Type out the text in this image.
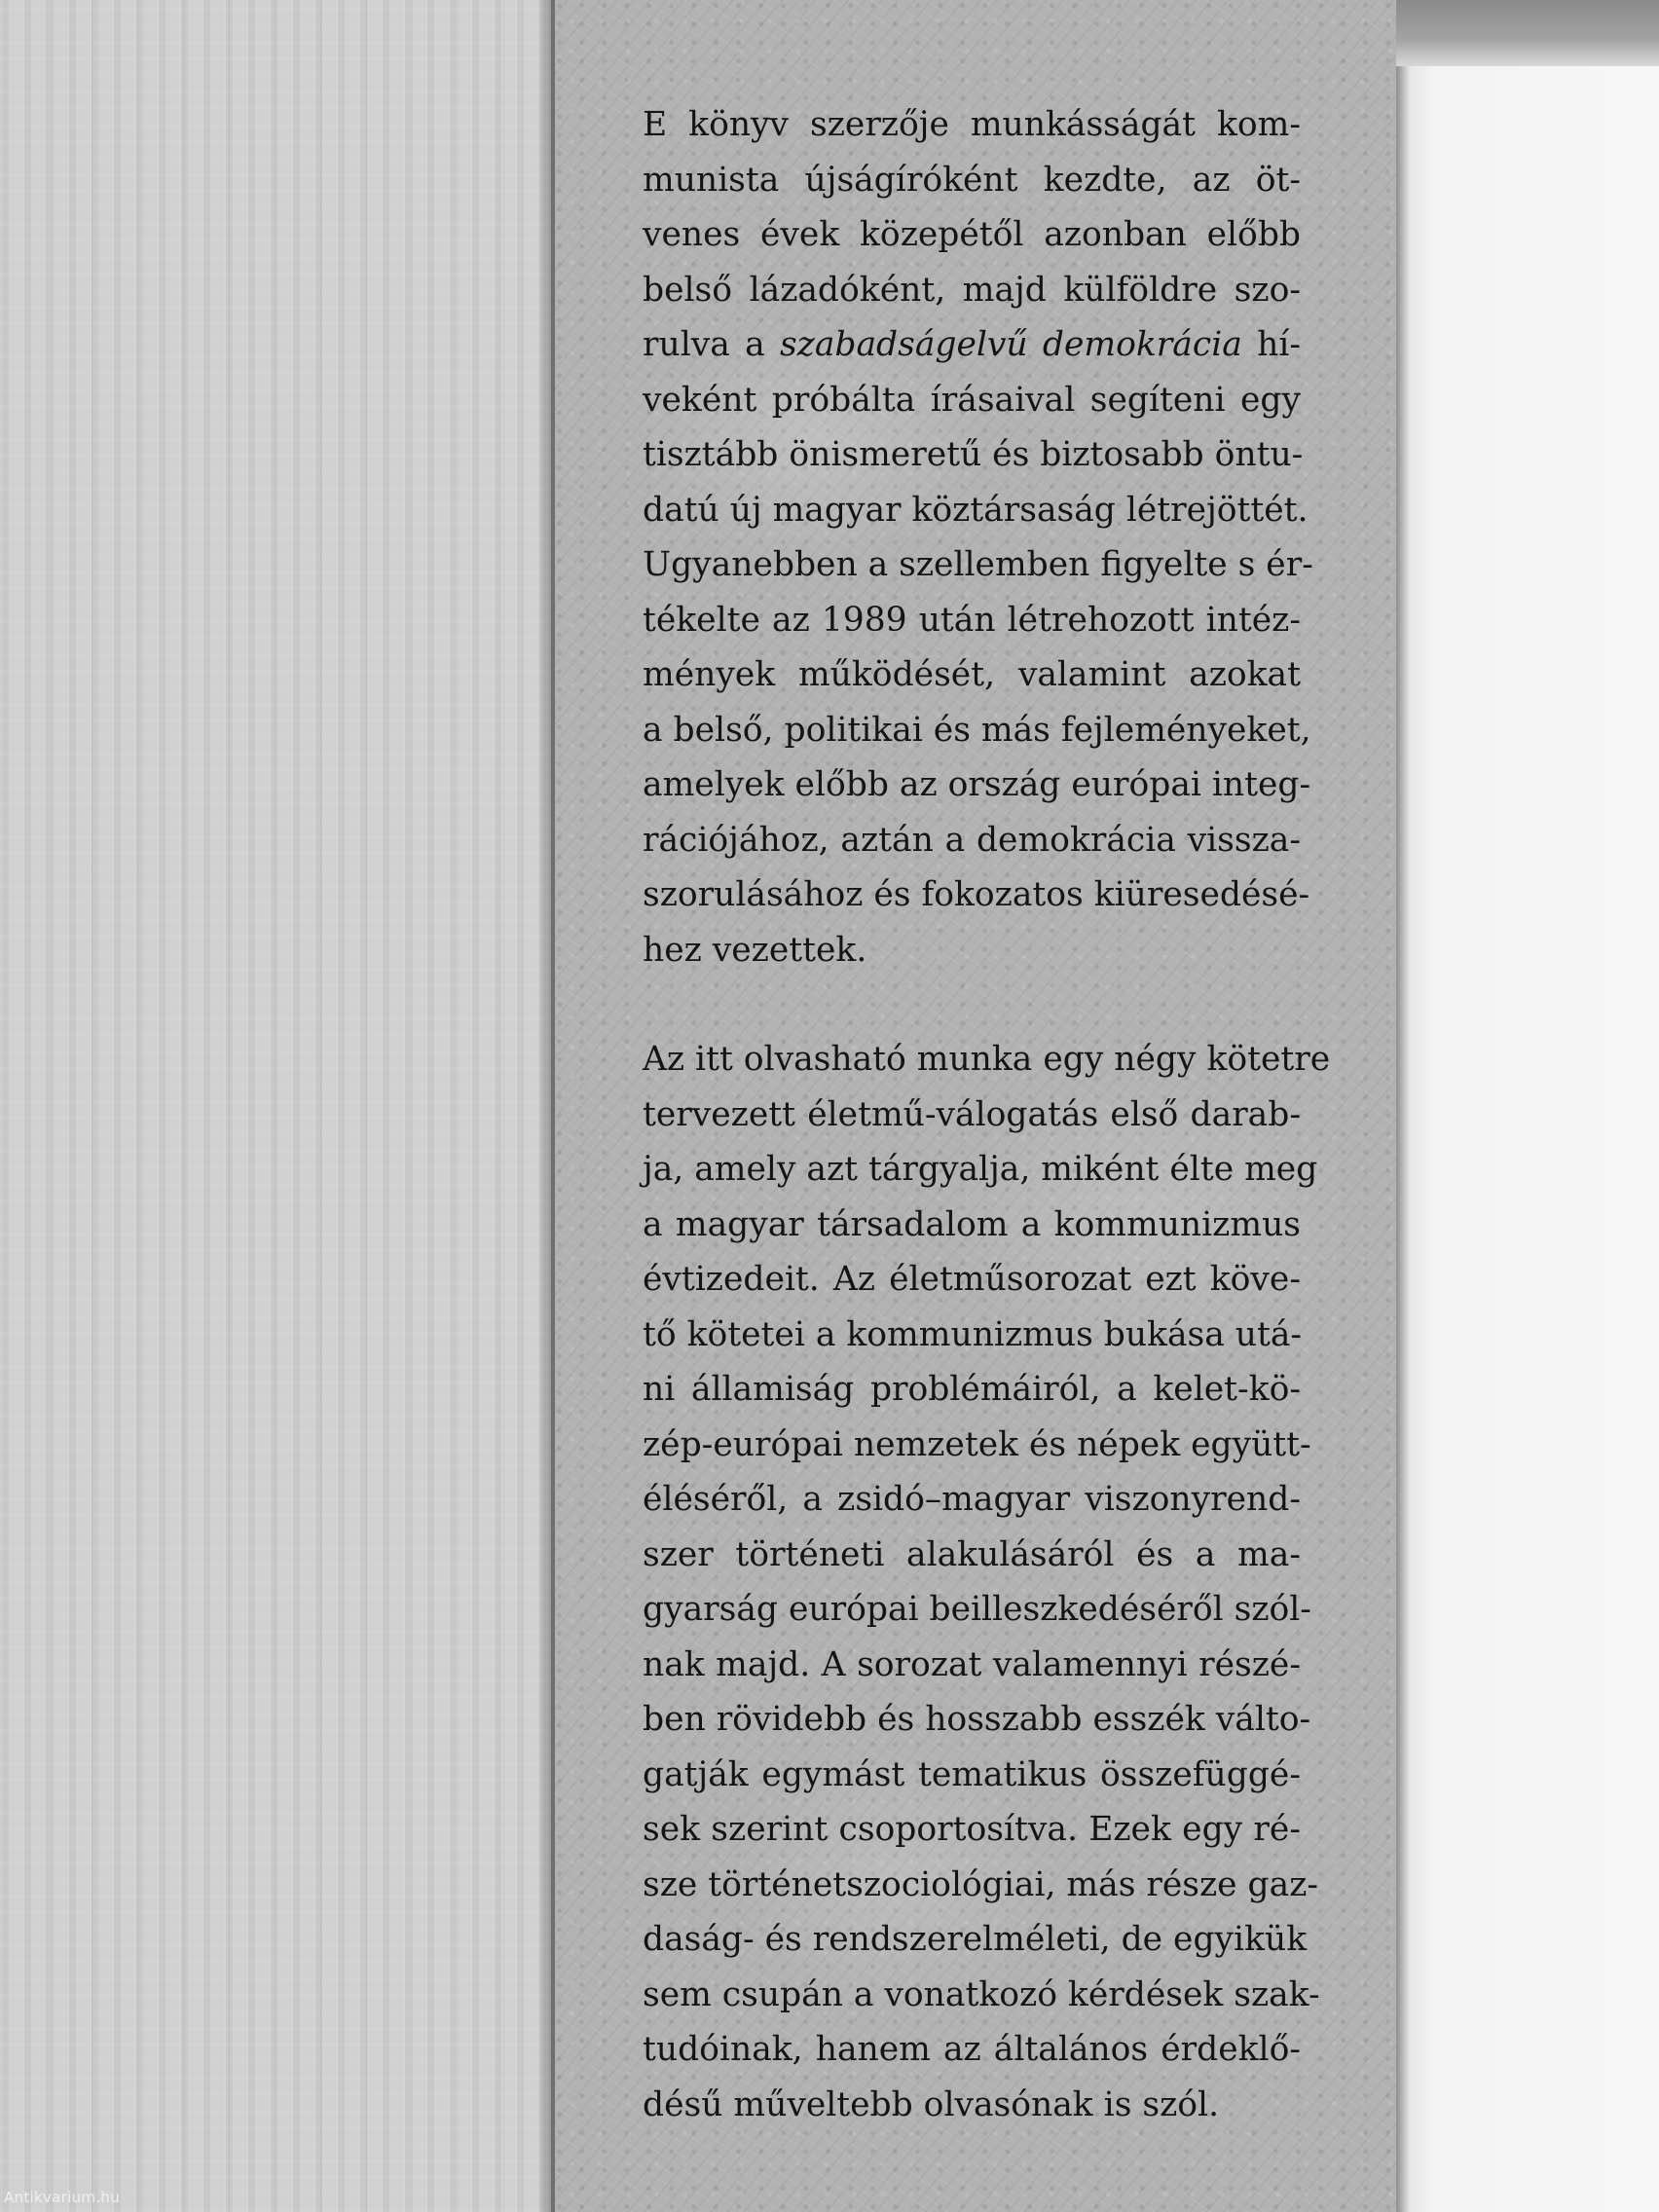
E könyv szerzője munkásságát kom-
munista újságíróként kezdte, az öt-
venes évek közepétől azonban előbb
belső lázadóként, majd külföldre szo-
rulva a szabadságelvű demokrácia hí-
veként próbálta írásaival segíteni egy
tisztább önismeretű és biztosabb öntu-
datú új magyar köztársaság létrejöttét.
Ugyanebben a szellemben figyelte s ér-
tékelte az 1989 után létrehozott intéz-
mények működését, valamint azokat
a belső, politikai és más fejleményeket,
amelyek előbb az ország európai integ-
rációjához, aztán a demokrácia vissza-
szorulásához és fokozatos kiüresedésé-
hez vezettek.

Az itt olvasható munka egy négy kötetre
tervezett életmű-válogatás első darab-
ja, amely azt tárgyalja, miként élte meg
a magyar társadalom a kommunizmus
évtizedeit. Az életműsorozat ezt köve-
tő kötetei a kommunizmus bukása utá-
ni államiság problémáiról, a kelet-kö-
zép-európai nemzetek és népek együtt-
éléséről, a zsidó–magyar viszonyrend-
szer történeti alakulásáról és a ma-
gyarság európai beilleszkedéséről szól-
nak majd. A sorozat valamennyi részé-
ben rövidebb és hosszabb esszék válto-
gatják egymást tematikus összefüggé-
sek szerint csoportosítva. Ezek egy ré-
sze történetszociológiai, más része gaz-
daság- és rendszerelméleti, de egyikük
sem csupán a vonatkozó kérdések szak-
tudóinak, hanem az általános érdeklő-
désű műveltebb olvasónak is szól.

Antikvarium.hu
